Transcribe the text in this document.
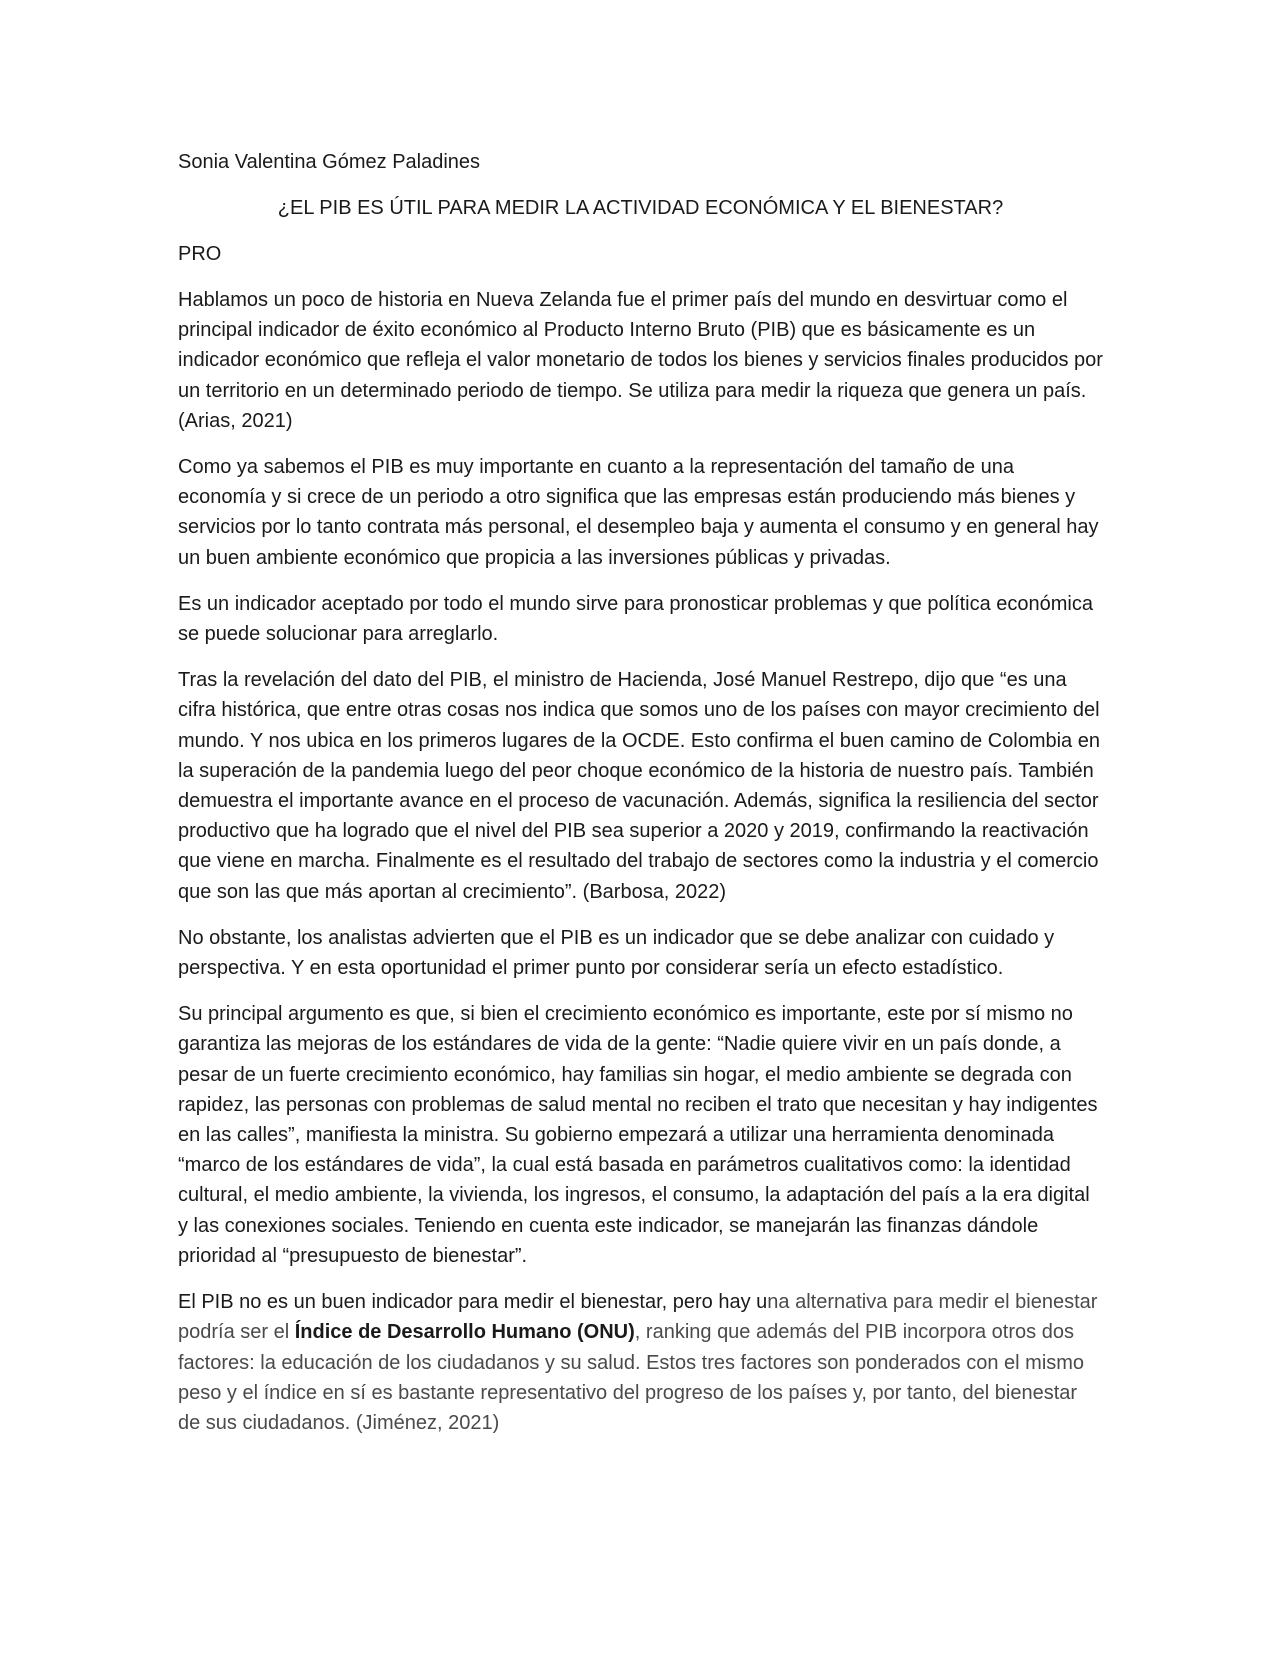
Sonia Valentina Gómez Paladines

¿EL PIB ES ÚTIL PARA MEDIR LA ACTIVIDAD ECONÓMICA Y EL BIENESTAR?

PRO

Hablamos un poco de historia en Nueva Zelanda fue el primer país del mundo en desvirtuar como el principal indicador de éxito económico al Producto Interno Bruto (PIB) que es básicamente es un indicador económico que refleja el valor monetario de todos los bienes y servicios finales producidos por un territorio en un determinado periodo de tiempo. Se utiliza para medir la riqueza que genera un país. (Arias, 2021)

Como ya sabemos el PIB es muy importante en cuanto a la representación del tamaño de una economía y si crece de un periodo a otro significa que las empresas están produciendo más bienes y servicios por lo tanto contrata más personal, el desempleo baja y aumenta el consumo y en general hay un buen ambiente económico que propicia a las inversiones públicas y privadas.

Es un indicador aceptado por todo el mundo sirve para pronosticar problemas y que política económica se puede solucionar para arreglarlo.

Tras la revelación del dato del PIB, el ministro de Hacienda, José Manuel Restrepo, dijo que “es una cifra histórica, que entre otras cosas nos indica que somos uno de los países con mayor crecimiento del mundo. Y nos ubica en los primeros lugares de la OCDE. Esto confirma el buen camino de Colombia en la superación de la pandemia luego del peor choque económico de la historia de nuestro país. También demuestra el importante avance en el proceso de vacunación. Además, significa la resiliencia del sector productivo que ha logrado que el nivel del PIB sea superior a 2020 y 2019, confirmando la reactivación que viene en marcha. Finalmente es el resultado del trabajo de sectores como la industria y el comercio que son las que más aportan al crecimiento”. (Barbosa, 2022)

No obstante, los analistas advierten que el PIB es un indicador que se debe analizar con cuidado y perspectiva. Y en esta oportunidad el primer punto por considerar sería un efecto estadístico.

Su principal argumento es que, si bien el crecimiento económico es importante, este por sí mismo no garantiza las mejoras de los estándares de vida de la gente: “Nadie quiere vivir en un país donde, a pesar de un fuerte crecimiento económico, hay familias sin hogar, el medio ambiente se degrada con rapidez, las personas con problemas de salud mental no reciben el trato que necesitan y hay indigentes en las calles”, manifiesta la ministra. Su gobierno empezará a utilizar una herramienta denominada “marco de los estándares de vida”, la cual está basada en parámetros cualitativos como: la identidad cultural, el medio ambiente, la vivienda, los ingresos, el consumo, la adaptación del país a la era digital y las conexiones sociales. Teniendo en cuenta este indicador, se manejarán las finanzas dándole prioridad al “presupuesto de bienestar”.

El PIB no es un buen indicador para medir el bienestar, pero hay una alternativa para medir el bienestar podría ser el Índice de Desarrollo Humano (ONU), ranking que además del PIB incorpora otros dos factores: la educación de los ciudadanos y su salud. Estos tres factores son ponderados con el mismo peso y el índice en sí es bastante representativo del progreso de los países y, por tanto, del bienestar de sus ciudadanos. (Jiménez, 2021)
